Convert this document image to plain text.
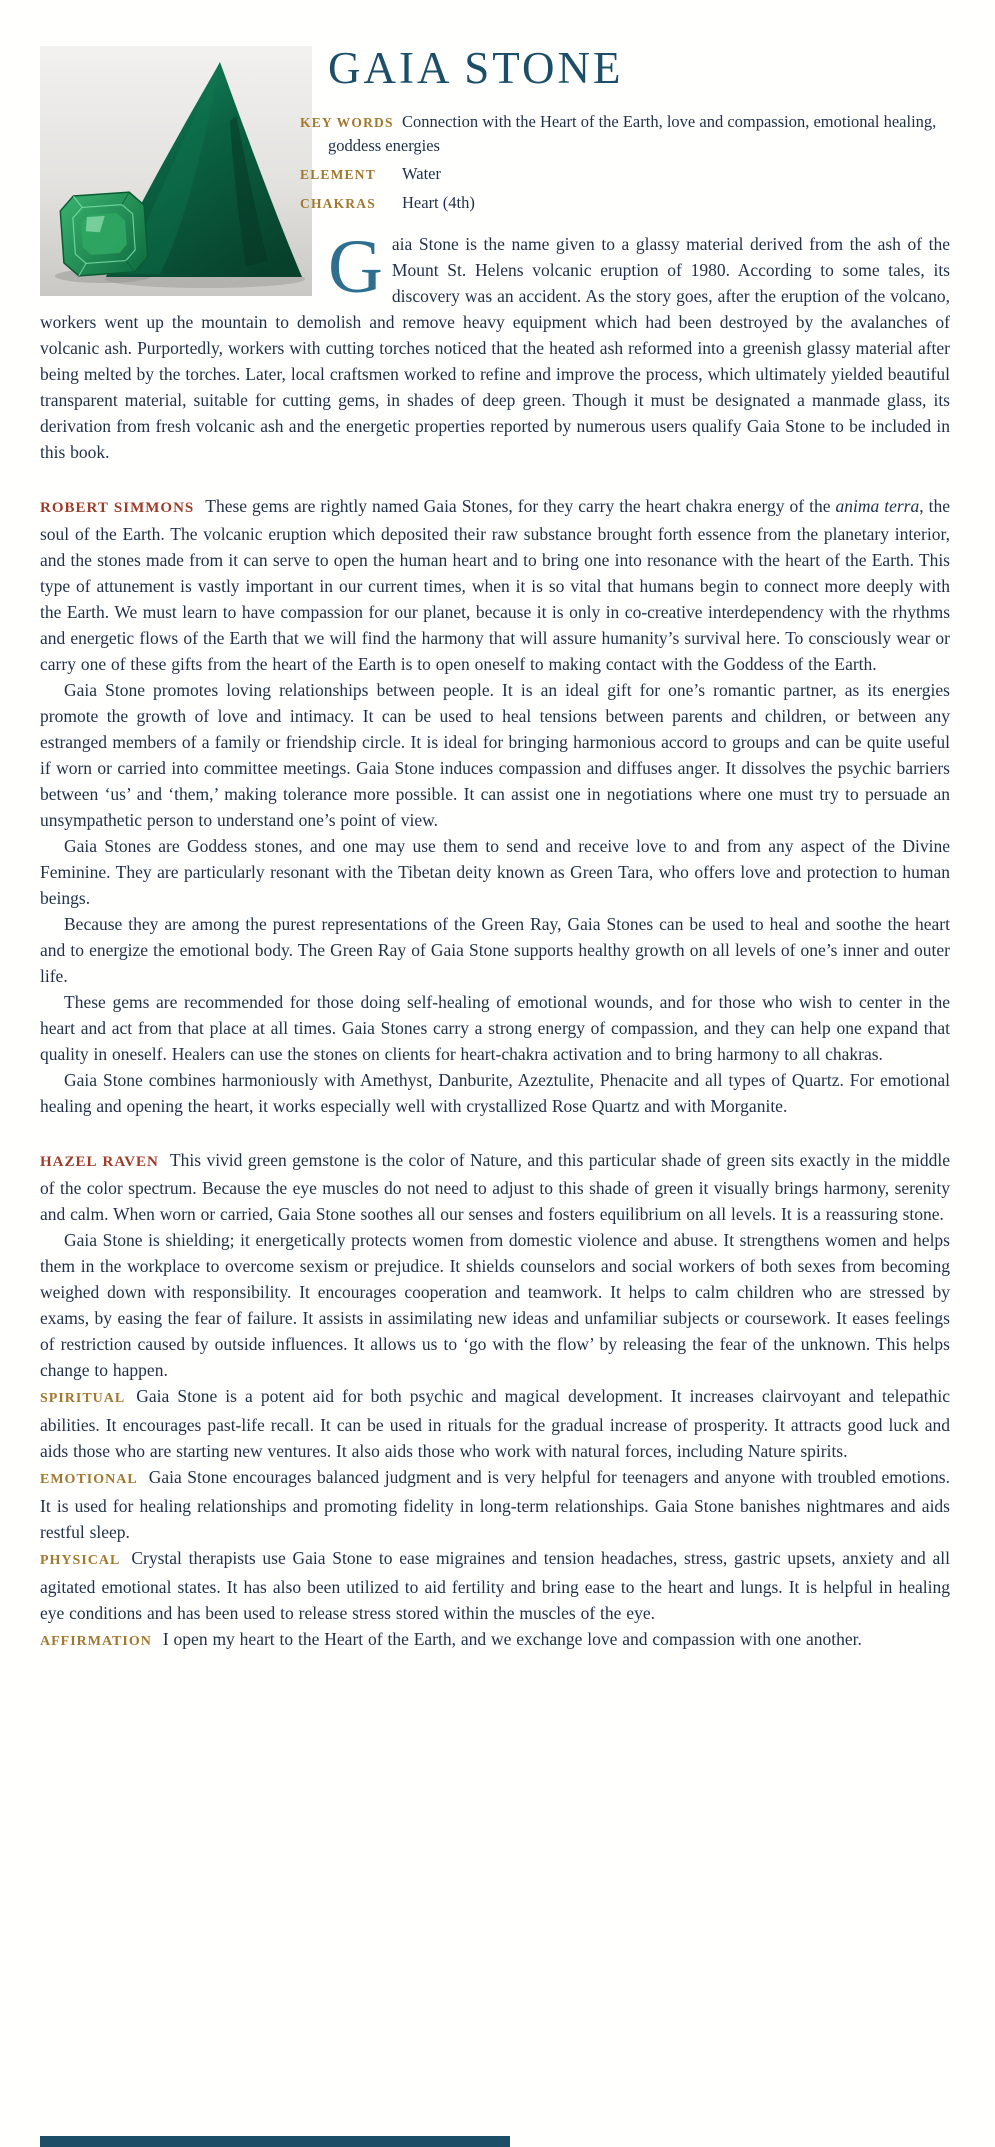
GAIA STONE

KEY WORDS Connection with the Heart of the Earth, love and compassion, emotional healing, goddess energies

ELEMENT Water

CHAKRAS Heart (4th)

Gaia Stone is the name given to a glassy material derived from the ash of the Mount St. Helens volcanic eruption of 1980. According to some tales, its discovery was an accident. As the story goes, after the eruption of the volcano, workers went up the mountain to demolish and remove heavy equipment which had been destroyed by the avalanches of volcanic ash. Purportedly, workers with cutting torches noticed that the heated ash reformed into a greenish glassy material after being melted by the torches. Later, local craftsmen worked to refine and improve the process, which ultimately yielded beautiful transparent material, suitable for cutting gems, in shades of deep green. Though it must be designated a manmade glass, its derivation from fresh volcanic ash and the energetic properties reported by numerous users qualify Gaia Stone to be included in this book.

ROBERT SIMMONS These gems are rightly named Gaia Stones, for they carry the heart chakra energy of the anima terra, the soul of the Earth. The volcanic eruption which deposited their raw substance brought forth essence from the planetary interior, and the stones made from it can serve to open the human heart and to bring one into resonance with the heart of the Earth. This type of attunement is vastly important in our current times, when it is so vital that humans begin to connect more deeply with the Earth. We must learn to have compassion for our planet, because it is only in co-creative interdependency with the rhythms and energetic flows of the Earth that we will find the harmony that will assure humanity’s survival here. To consciously wear or carry one of these gifts from the heart of the Earth is to open oneself to making contact with the Goddess of the Earth.

Gaia Stone promotes loving relationships between people. It is an ideal gift for one’s romantic partner, as its energies promote the growth of love and intimacy. It can be used to heal tensions between parents and children, or between any estranged members of a family or friendship circle. It is ideal for bringing harmonious accord to groups and can be quite useful if worn or carried into committee meetings. Gaia Stone induces compassion and diffuses anger. It dissolves the psychic barriers between ‘us’ and ‘them,’ making tolerance more possible. It can assist one in negotiations where one must try to persuade an unsympathetic person to understand one’s point of view.

Gaia Stones are Goddess stones, and one may use them to send and receive love to and from any aspect of the Divine Feminine. They are particularly resonant with the Tibetan deity known as Green Tara, who offers love and protection to human beings.

Because they are among the purest representations of the Green Ray, Gaia Stones can be used to heal and soothe the heart and to energize the emotional body. The Green Ray of Gaia Stone supports healthy growth on all levels of one’s inner and outer life.

These gems are recommended for those doing self-healing of emotional wounds, and for those who wish to center in the heart and act from that place at all times. Gaia Stones carry a strong energy of compassion, and they can help one expand that quality in oneself. Healers can use the stones on clients for heart-chakra activation and to bring harmony to all chakras.

Gaia Stone combines harmoniously with Amethyst, Danburite, Azeztulite, Phenacite and all types of Quartz. For emotional healing and opening the heart, it works especially well with crystallized Rose Quartz and with Morganite.

HAZEL RAVEN This vivid green gemstone is the color of Nature, and this particular shade of green sits exactly in the middle of the color spectrum. Because the eye muscles do not need to adjust to this shade of green it visually brings harmony, serenity and calm. When worn or carried, Gaia Stone soothes all our senses and fosters equilibrium on all levels. It is a reassuring stone.

Gaia Stone is shielding; it energetically protects women from domestic violence and abuse. It strengthens women and helps them in the workplace to overcome sexism or prejudice. It shields counselors and social workers of both sexes from becoming weighed down with responsibility. It encourages cooperation and teamwork. It helps to calm children who are stressed by exams, by easing the fear of failure. It assists in assimilating new ideas and unfamiliar subjects or coursework. It eases feelings of restriction caused by outside influences. It allows us to ‘go with the flow’ by releasing the fear of the unknown. This helps change to happen.

SPIRITUAL Gaia Stone is a potent aid for both psychic and magical development. It increases clairvoyant and telepathic abilities. It encourages past-life recall. It can be used in rituals for the gradual increase of prosperity. It attracts good luck and aids those who are starting new ventures. It also aids those who work with natural forces, including Nature spirits.

EMOTIONAL Gaia Stone encourages balanced judgment and is very helpful for teenagers and anyone with troubled emotions. It is used for healing relationships and promoting fidelity in long-term relationships. Gaia Stone banishes nightmares and aids restful sleep.

PHYSICAL Crystal therapists use Gaia Stone to ease migraines and tension headaches, stress, gastric upsets, anxiety and all agitated emotional states. It has also been utilized to aid fertility and bring ease to the heart and lungs. It is helpful in healing eye conditions and has been used to release stress stored within the muscles of the eye.

AFFIRMATION I open my heart to the Heart of the Earth, and we exchange love and compassion with one another.
